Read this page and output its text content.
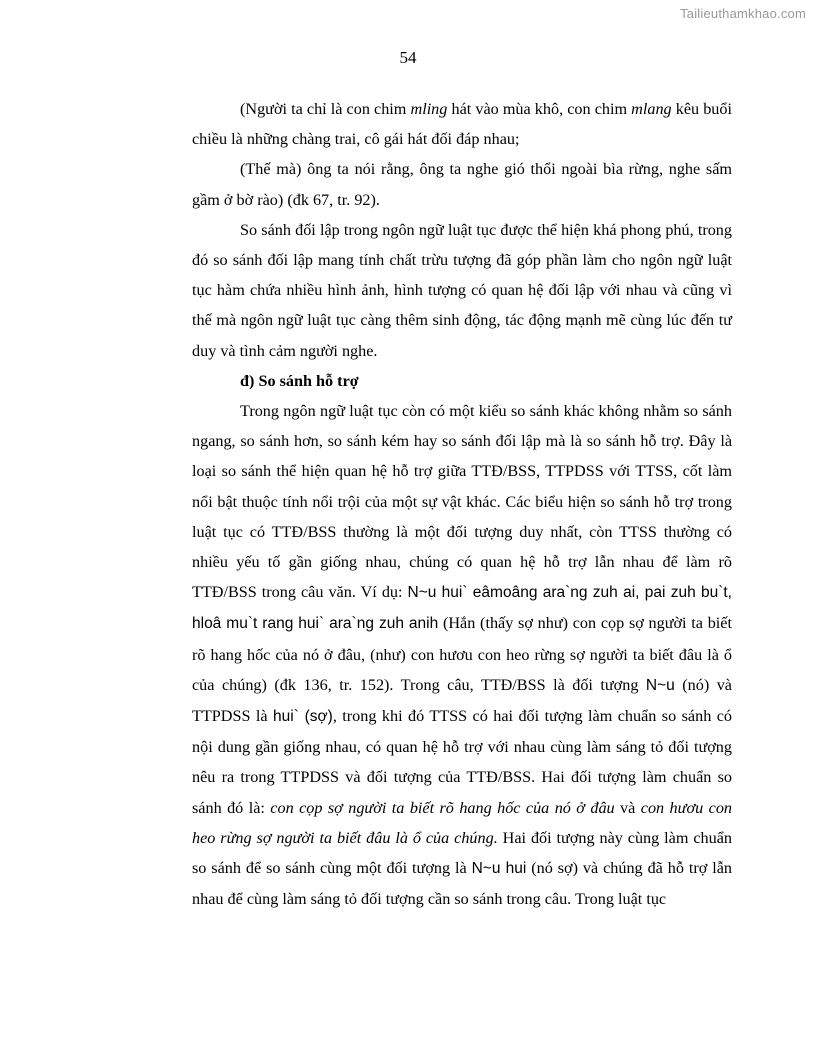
Tailieuthamkhao.com
54

(Người ta chỉ là con chim mling hát vào mùa khô, con chim mlang kêu buổi chiều là những chàng trai, cô gái hát đối đáp nhau;

(Thế mà) ông ta nói rằng, ông ta nghe gió thổi ngoài bìa rừng, nghe sấm gầm ở bờ rào) (đk 67, tr. 92).

So sánh đối lập trong ngôn ngữ luật tục được thể hiện khá phong phú, trong đó so sánh đối lập mang tính chất trừu tượng đã góp phần làm cho ngôn ngữ luật tục hàm chứa nhiều hình ảnh, hình tượng có quan hệ đối lập với nhau và cũng vì thế mà ngôn ngữ luật tục càng thêm sinh động, tác động mạnh mẽ cùng lúc đến tư duy và tình cảm người nghe.

đ) So sánh hỗ trợ

Trong ngôn ngữ luật tục còn có một kiểu so sánh khác không nhằm so sánh ngang, so sánh hơn, so sánh kém hay so sánh đối lập mà là so sánh hỗ trợ. Đây là loại so sánh thể hiện quan hệ hỗ trợ giữa TTĐ/BSS, TTPDSS với TTSS, cốt làm nổi bật thuộc tính nổi trội của một sự vật khác. Các biểu hiện so sánh hỗ trợ trong luật tục có TTĐ/BSS thường là một đối tượng duy nhất, còn TTSS thường có nhiều yếu tố gần giống nhau, chúng có quan hệ hỗ trợ lẫn nhau để làm rõ TTĐ/BSS trong câu văn. Ví dụ: N~u hui` eâmoâng ara`ng zuh ai, pai zuh bu`t, hloâ mu`t rang hui` ara`ng zuh anih (Hắn (thấy sợ như) con cọp sợ người ta biết rõ hang hốc của nó ở đâu, (như) con hươu con heo rừng sợ người ta biết đâu là ổ của chúng) (đk 136, tr. 152). Trong câu, TTĐ/BSS là đối tượng N~u (nó) và TTPDSS là hui` (sợ), trong khi đó TTSS có hai đối tượng làm chuẩn so sánh có nội dung gần giống nhau, có quan hệ hỗ trợ với nhau cùng làm sáng tỏ đối tượng nêu ra trong TTPDSS và đối tượng của TTĐ/BSS. Hai đối tượng làm chuẩn so sánh đó là: con cọp sợ người ta biết rõ hang hốc của nó ở đâu và con hươu con heo rừng sợ người ta biết đâu là ổ của chúng. Hai đối tượng này cùng làm chuẩn so sánh để so sánh cùng một đối tượng là N~u hui (nó sợ) và chúng đã hỗ trợ lẫn nhau để cùng làm sáng tỏ đối tượng cần so sánh trong câu. Trong luật tục
